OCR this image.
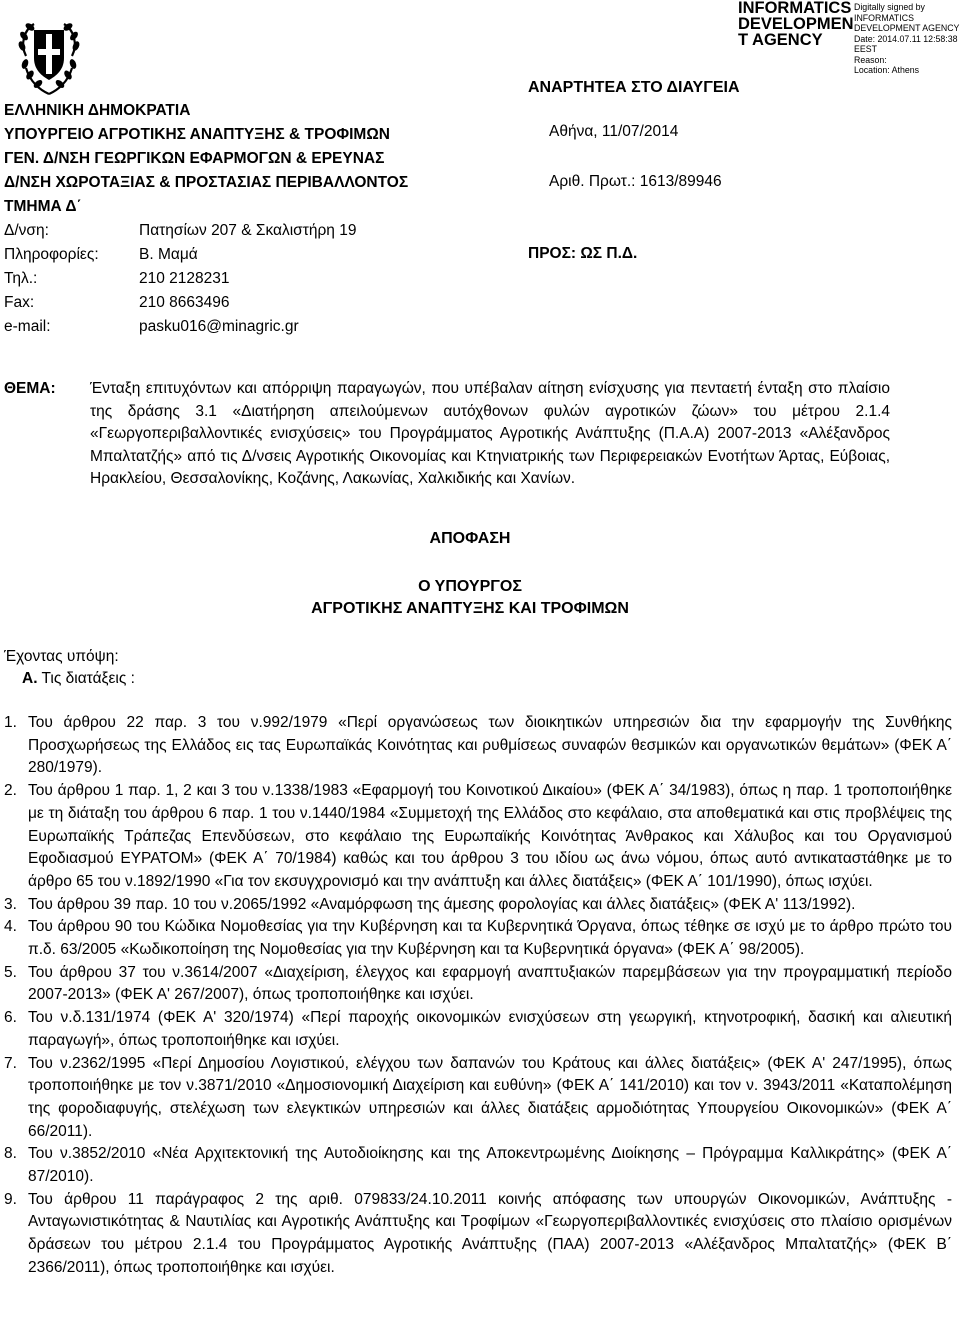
ΕΛΛΗΝΙΚΗ ΔΗΜΟΚΡΑΤΙΑ
ΥΠΟΥΡΓΕΙΟ ΑΓΡΟΤΙΚΗΣ ΑΝΑΠΤΥΞΗΣ & ΤΡΟΦΙΜΩΝ
ΓΕΝ. Δ/ΝΣΗ ΓΕΩΡΓΙΚΩΝ ΕΦΑΡΜΟΓΩΝ & ΕΡΕΥΝΑΣ
Δ/ΝΣΗ ΧΩΡΟΤΑΞΙΑΣ & ΠΡΟΣΤΑΣΙΑΣ ΠΕΡΙΒΑΛΛΟΝΤΟΣ
ΤΜΗΜΑ Δ΄
Δ/νση:	Πατησίων 207 & Σκαλιστήρη 19
Πληροφορίες:	Β. Μαμά
Τηλ.:	210 2128231
Fax:	210 8663496
e-mail:	pasku016@minagric.gr
ΑΝΑΡΤΗΤΕΑ ΣΤΟ ΔΙΑΥΓΕΙΑ
Αθήνα, 11/07/2014
Αριθ. Πρωτ.: 1613/89946
ΠΡΟΣ: ΩΣ Π.Δ.
INFORMATICS
DEVELOPMEN
T AGENCY
Digitally signed by
INFORMATICS
DEVELOPMENT AGENCY
Date: 2014.07.11 12:58:38
EEST
Reason:
Location: Athens
ΘΕΜΑ: Ένταξη επιτυχόντων και απόρριψη παραγωγών, που υπέβαλαν αίτηση ενίσχυσης για πενταετή ένταξη στο πλαίσιο της δράσης 3.1 «Διατήρηση απειλούμενων αυτόχθονων φυλών αγροτικών ζώων» του μέτρου 2.1.4 «Γεωργοπεριβαλλοντικές ενισχύσεις» του Προγράμματος Αγροτικής Ανάπτυξης (Π.Α.Α) 2007-2013 «Αλέξανδρος Μπαλτατζής» από τις Δ/νσεις Αγροτικής Οικονομίας και Κτηνιατρικής των Περιφερειακών Ενοτήτων Άρτας, Εύβοιας, Ηρακλείου, Θεσσαλονίκης, Κοζάνης, Λακωνίας, Χαλκιδικής και Χανίων.
ΑΠΟΦΑΣΗ
Ο ΥΠΟΥΡΓΟΣ
ΑΓΡΟΤΙΚΗΣ ΑΝΑΠΤΥΞΗΣ ΚΑΙ ΤΡΟΦΙΜΩΝ
Έχοντας υπόψη:
Α. Τις διατάξεις :
1. Του άρθρου 22 παρ. 3 του ν.992/1979 «Περί οργανώσεως των διοικητικών υπηρεσιών δια την εφαρμογήν της Συνθήκης Προσχωρήσεως της Ελλάδος εις τας Ευρωπαϊκάς Κοινότητας και ρυθμίσεως συναφών θεσμικών και οργανωτικών θεμάτων» (ΦΕΚ Α΄ 280/1979).
2. Του άρθρου 1 παρ. 1, 2 και 3 του ν.1338/1983 «Εφαρμογή του Κοινοτικού Δικαίου» (ΦΕΚ Α΄ 34/1983), όπως η παρ. 1 τροποποιήθηκε με τη διάταξη του άρθρου 6 παρ. 1 του ν.1440/1984 «Συμμετοχή της Ελλάδος στο κεφάλαιο, στα αποθεματικά και στις προβλέψεις της Ευρωπαϊκής Τράπεζας Επενδύσεων, στο κεφάλαιο της Ευρωπαϊκής Κοινότητας Άνθρακος και Χάλυβος και του Οργανισμού Εφοδιασμού ΕΥΡΑΤΟΜ» (ΦΕΚ Α΄ 70/1984) καθώς και του άρθρου 3 του ιδίου ως άνω νόμου, όπως αυτό αντικαταστάθηκε με το άρθρο 65 του ν.1892/1990 «Για τον εκσυγχρονισμό και την ανάπτυξη και άλλες διατάξεις» (ΦΕΚ Α΄ 101/1990), όπως ισχύει.
3. Του άρθρου 39 παρ. 10 του ν.2065/1992 «Αναμόρφωση της άμεσης φορολογίας και άλλες διατάξεις» (ΦΕΚ Α' 113/1992).
4. Του άρθρου 90 του Κώδικα Νομοθεσίας για την Κυβέρνηση και τα Κυβερνητικά Όργανα, όπως τέθηκε σε ισχύ με το άρθρο πρώτο του π.δ. 63/2005 «Κωδικοποίηση της Νομοθεσίας για την Κυβέρνηση και τα Κυβερνητικά όργανα» (ΦΕΚ Α΄ 98/2005).
5. Του άρθρου 37 του ν.3614/2007 «Διαχείριση, έλεγχος και εφαρμογή αναπτυξιακών παρεμβάσεων για την προγραμματική περίοδο 2007-2013» (ΦΕΚ Α' 267/2007), όπως τροποποιήθηκε και ισχύει.
6. Του ν.δ.131/1974 (ΦΕΚ Α' 320/1974) «Περί παροχής οικονομικών ενισχύσεων στη γεωργική, κτηνοτροφική, δασική και αλιευτική παραγωγή», όπως τροποποιήθηκε και ισχύει.
7. Του ν.2362/1995 «Περί Δημοσίου Λογιστικού, ελέγχου των δαπανών του Κράτους και άλλες διατάξεις» (ΦΕΚ Α' 247/1995), όπως τροποποιήθηκε με τον ν.3871/2010 «Δημοσιονομική Διαχείριση και ευθύνη» (ΦΕΚ Α΄ 141/2010) και τον ν. 3943/2011 «Καταπολέμηση της φοροδιαφυγής, στελέχωση των ελεγκτικών υπηρεσιών και άλλες διατάξεις αρμοδιότητας Υπουργείου Οικονομικών» (ΦΕΚ Α΄ 66/2011).
8. Του ν.3852/2010 «Νέα Αρχιτεκτονική της Αυτοδιοίκησης και της Αποκεντρωμένης Διοίκησης – Πρόγραμμα Καλλικράτης» (ΦΕΚ Α΄ 87/2010).
9. Του άρθρου 11 παράγραφος 2 της αριθ. 079833/24.10.2011 κοινής απόφασης των υπουργών Οικονομικών, Ανάπτυξης - Ανταγωνιστικότητας & Ναυτιλίας και Αγροτικής Ανάπτυξης και Τροφίμων «Γεωργοπεριβαλλοντικές ενισχύσεις στο πλαίσιο ορισμένων δράσεων του μέτρου 2.1.4 του Προγράμματος Αγροτικής Ανάπτυξης (ΠΑΑ) 2007-2013 «Αλέξανδρος Μπαλτατζής» (ΦΕΚ Β΄ 2366/2011), όπως τροποποιήθηκε και ισχύει.
